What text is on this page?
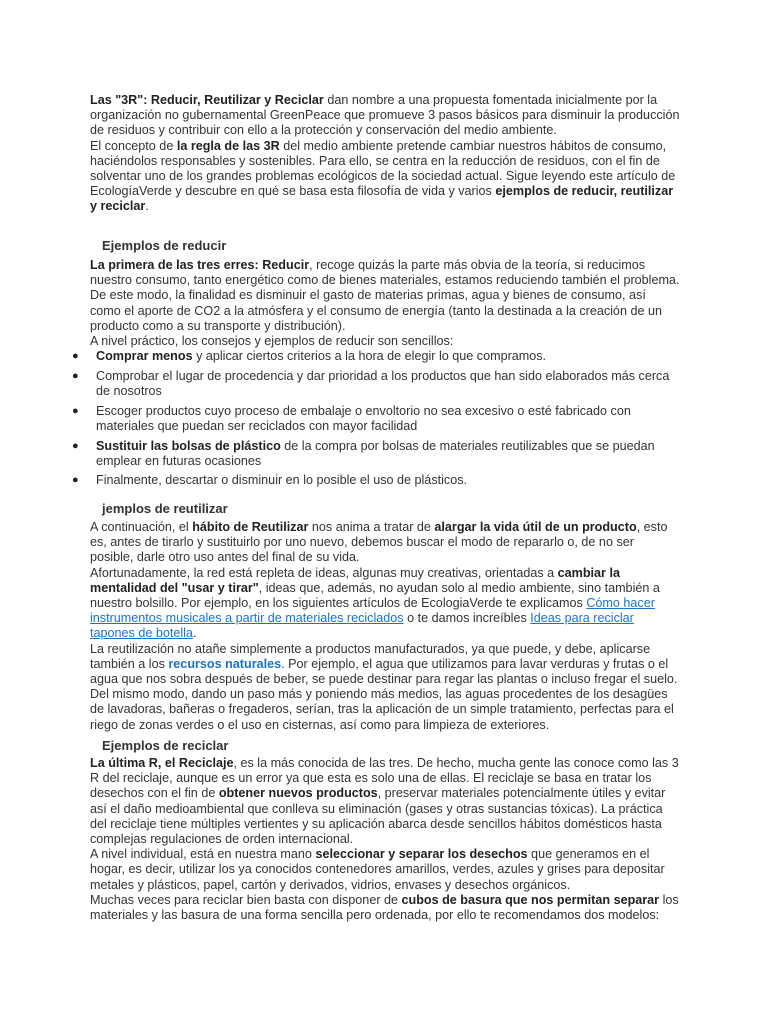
Las "3R": Reducir, Reutilizar y Reciclar dan nombre a una propuesta fomentada inicialmente por la organización no gubernamental GreenPeace que promueve 3 pasos básicos para disminuir la producción de residuos y contribuir con ello a la protección y conservación del medio ambiente.

El concepto de la regla de las 3R del medio ambiente pretende cambiar nuestros hábitos de consumo, haciéndolos responsables y sostenibles. Para ello, se centra en la reducción de residuos, con el fin de solventar uno de los grandes problemas ecológicos de la sociedad actual. Sigue leyendo este artículo de EcologíaVerde y descubre en qué se basa esta filosofía de vida y varios ejemplos de reducir, reutilizar y reciclar.

Ejemplos de reducir

La primera de las tres erres: Reducir, recoge quizás la parte más obvia de la teoría, si reducimos nuestro consumo, tanto energético como de bienes materiales, estamos reduciendo también el problema. De este modo, la finalidad es disminuir el gasto de materias primas, agua y bienes de consumo, así como el aporte de CO2 a la atmósfera y el consumo de energía (tanto la destinada a la creación de un producto como a su transporte y distribución).

A nivel práctico, los consejos y ejemplos de reducir son sencillos:

● Comprar menos y aplicar ciertos criterios a la hora de elegir lo que compramos.
● Comprobar el lugar de procedencia y dar prioridad a los productos que han sido elaborados más cerca de nosotros
● Escoger productos cuyo proceso de embalaje o envoltorio no sea excesivo o esté fabricado con materiales que puedan ser reciclados con mayor facilidad
● Sustituir las bolsas de plástico de la compra por bolsas de materiales reutilizables que se puedan emplear en futuras ocasiones
● Finalmente, descartar o disminuir en lo posible el uso de plásticos.
jemplos de reutilizar

A continuación, el hábito de Reutilizar nos anima a tratar de alargar la vida útil de un producto, esto es, antes de tirarlo y sustituirlo por uno nuevo, debemos buscar el modo de repararlo o, de no ser posible, darle otro uso antes del final de su vida.

Afortunadamente, la red está repleta de ideas, algunas muy creativas, orientadas a cambiar la mentalidad del "usar y tirar", ideas que, además, no ayudan solo al medio ambiente, sino también a nuestro bolsillo. Por ejemplo, en los siguientes artículos de EcologiaVerde te explicamos Cómo hacer instrumentos musicales a partir de materiales reciclados o te damos increíbles Ideas para reciclar tapones de botella.

La reutilización no atañe simplemente a productos manufacturados, ya que puede, y debe, aplicarse también a los recursos naturales. Por ejemplo, el agua que utilizamos para lavar verduras y frutas o el agua que nos sobra después de beber, se puede destinar para regar las plantas o incluso fregar el suelo. Del mismo modo, dando un paso más y poniendo más medios, las aguas procedentes de los desagües de lavadoras, bañeras o fregaderos, serían, tras la aplicación de un simple tratamiento, perfectas para el riego de zonas verdes o el uso en cisternas, así como para limpieza de exteriores.

Ejemplos de reciclar

La última R, el Reciclaje, es la más conocida de las tres. De hecho, mucha gente las conoce como las 3 R del reciclaje, aunque es un error ya que esta es solo una de ellas. El reciclaje se basa en tratar los desechos con el fin de obtener nuevos productos, preservar materiales potencialmente útiles y evitar así el daño medioambiental que conlleva su eliminación (gases y otras sustancias tóxicas). La práctica del reciclaje tiene múltiples vertientes y su aplicación abarca desde sencillos hábitos domésticos hasta complejas regulaciones de orden internacional.

A nivel individual, está en nuestra mano seleccionar y separar los desechos que generamos en el hogar, es decir, utilizar los ya conocidos contenedores amarillos, verdes, azules y grises para depositar metales y plásticos, papel, cartón y derivados, vidrios, envases y desechos orgánicos.

Muchas veces para reciclar bien basta con disponer de cubos de basura que nos permitan separar los materiales y las basura de una forma sencilla pero ordenada, por ello te recomendamos dos modelos:
